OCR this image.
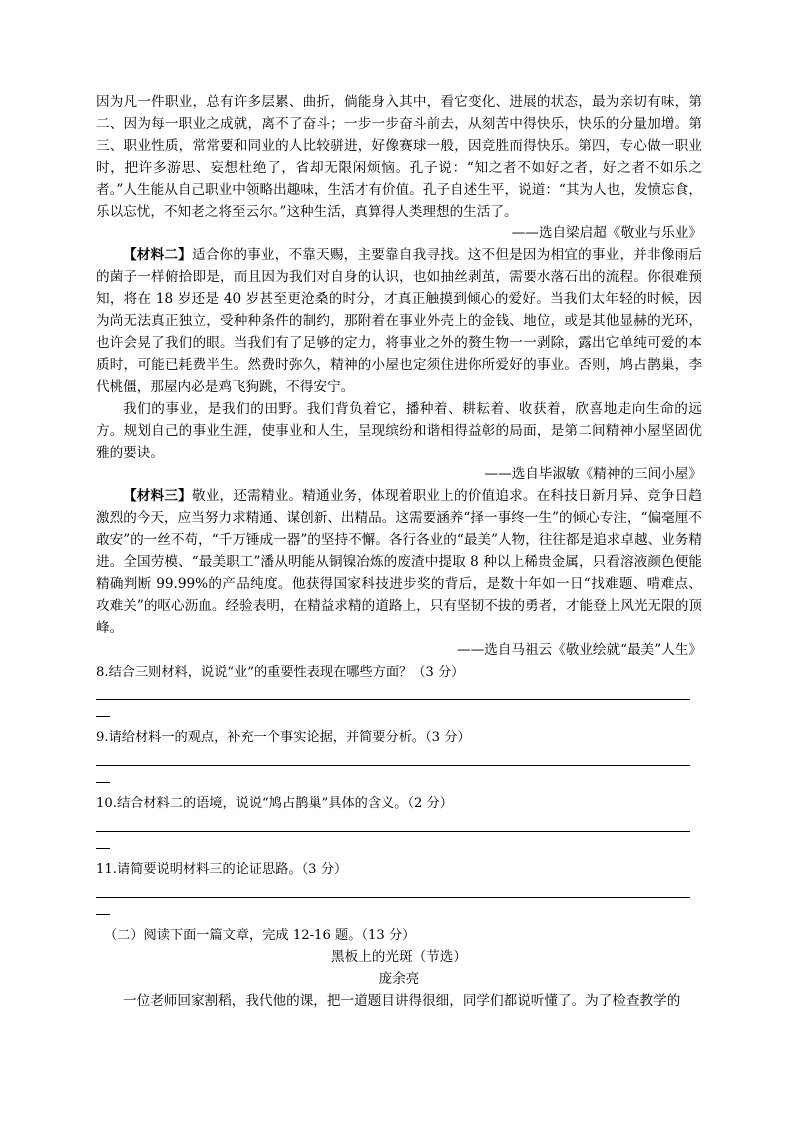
因为凡一件职业，总有许多层累、曲折，倘能身入其中，看它变化、进展的状态，最为亲切有味，第二、因为每一职业之成就，离不了奋斗；一步一步奋斗前去，从刻苦中得快乐，快乐的分量加增。第三、职业性质，常常要和同业的人比较骈进，好像赛球一般，因竞胜而得快乐。第四，专心做一职业时，把许多游思、妄想杜绝了，省却无限闲烦恼。孔子说：“知之者不如好之者，好之者不如乐之者。”人生能从自己职业中领略出趣味，生活才有价值。孔子自述生平，说道：“其为人也，发愤忘食，乐以忘忧，不知老之将至云尔。”这种生活，真算得人类理想的生活了。

——选自梁启超《敬业与乐业》

【材料二】适合你的事业，不靠天赐，主要靠自我寻找。这不但是因为相宜的事业，并非像雨后的菌子一样俯拾即是，而且因为我们对自身的认识，也如抽丝剥茧，需要水落石出的流程。你很难预知，将在 18 岁还是 40 岁甚至更沧桑的时分，才真正触摸到倾心的爱好。当我们太年轻的时候，因为尚无法真正独立，受种种条件的制约，那附着在事业外壳上的金钱、地位，或是其他显赫的光环，也许会晃了我们的眼。当我们有了足够的定力，将事业之外的赘生物一一剥除，露出它单纯可爱的本质时，可能已耗费半生。然费时弥久，精神的小屋也定须住进你所爱好的事业。否则，鸠占鹊巢，李代桃僵，那屋内必是鸡飞狗跳，不得安宁。

我们的事业，是我们的田野。我们背负着它，播种着、耕耘着、收获着，欣喜地走向生命的远方。规划自己的事业生涯，使事业和人生，呈现缤纷和谐相得益彰的局面，是第二间精神小屋坚固优雅的要诀。

——选自毕淑敏《精神的三间小屋》

【材料三】敬业，还需精业。精通业务，体现着职业上的价值追求。在科技日新月异、竞争日趋激烈的今天，应当努力求精通、谋创新、出精品。这需要涵养“择一事终一生”的倾心专注，“偏毫厘不敢安”的一丝不苟，“千万锤成一器”的坚持不懈。各行各业的“最美”人物，往往都是追求卓越、业务精进。全国劳模、“最美职工”潘从明能从铜镍冶炼的废渣中提取 8 种以上稀贵金属，只看溶液颜色便能精确判断 99.99%的产品纯度。他获得国家科技进步奖的背后，是数十年如一日“找难题、啃难点、攻难关”的呕心沥血。经验表明，在精益求精的道路上，只有坚韧不拔的勇者，才能登上风光无限的顶峰。

——选自马祖云《敬业绘就“最美”人生》

8.结合三则材料，说说“业”的重要性表现在哪些方面？（3 分）

9.请给材料一的观点，补充一个事实论据，并简要分析。（3 分）

10.结合材料二的语境，说说“鸠占鹊巢”具体的含义。（2 分）

11.请简要说明材料三的论证思路。（3 分）

（二）阅读下面一篇文章，完成 12-16 题。（13 分）

黑板上的光斑（节选）

庞余亮

一位老师回家割稻，我代他的课，把一道题目讲得很细，同学们都说听懂了。为了检查教学的
